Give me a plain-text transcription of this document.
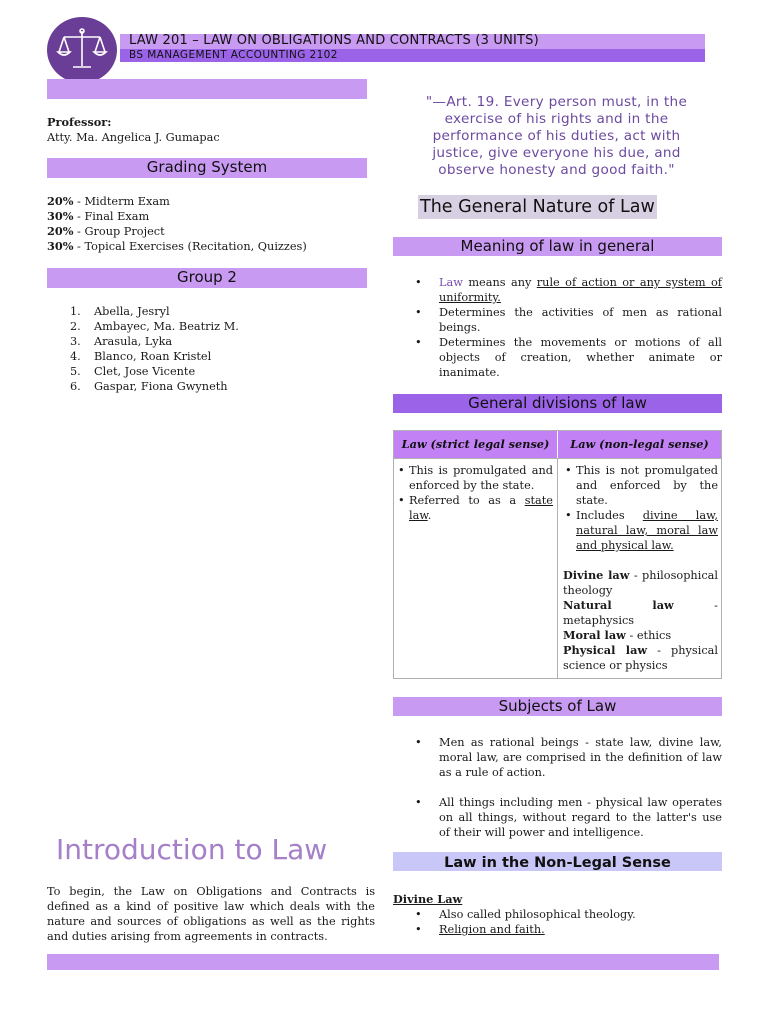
LAW 201 – LAW ON OBLIGATIONS AND CONTRACTS (3 UNITS)
BS MANAGEMENT ACCOUNTING 2102
Professor:
Atty. Ma. Angelica J. Gumapac
Grading System
20% - Midterm Exam
30% - Final Exam
20% - Group Project
30% - Topical Exercises (Recitation, Quizzes)
Group 2
1. Abella, Jesryl
2. Ambayec, Ma. Beatriz M.
3. Arasula, Lyka
4. Blanco, Roan Kristel
5. Clet, Jose Vicente
6. Gaspar, Fiona Gwyneth
Introduction to Law
To begin, the Law on Obligations and Contracts is defined as a kind of positive law which deals with the nature and sources of obligations as well as the rights and duties arising from agreements in contracts.
"—Art. 19. Every person must, in the
exercise of his rights and in the
performance of his duties, act with
justice, give everyone his due, and
observe honesty and good faith."
The General Nature of Law
Meaning of law in general
• Law means any rule of action or any system of uniformity.
• Determines the activities of men as rational beings.
• Determines the movements or motions of all objects of creation, whether animate or inanimate.
General divisions of law
Law (strict legal sense)	Law (non-legal sense)
• This is promulgated and enforced by the state.
• Referred to as a state law.
• This is not promulgated and enforced by the state.
• Includes divine law, natural law, moral law and physical law.
Divine law - philosophical theology
Natural law - metaphysics
Moral law - ethics
Physical law - physical science or physics
Subjects of Law
• Men as rational beings - state law, divine law, moral law, are comprised in the definition of law as a rule of action.
• All things including men - physical law operates on all things, without regard to the latter's use of their will power and intelligence.
Law in the Non-Legal Sense
Divine Law
• Also called philosophical theology.
• Religion and faith.
